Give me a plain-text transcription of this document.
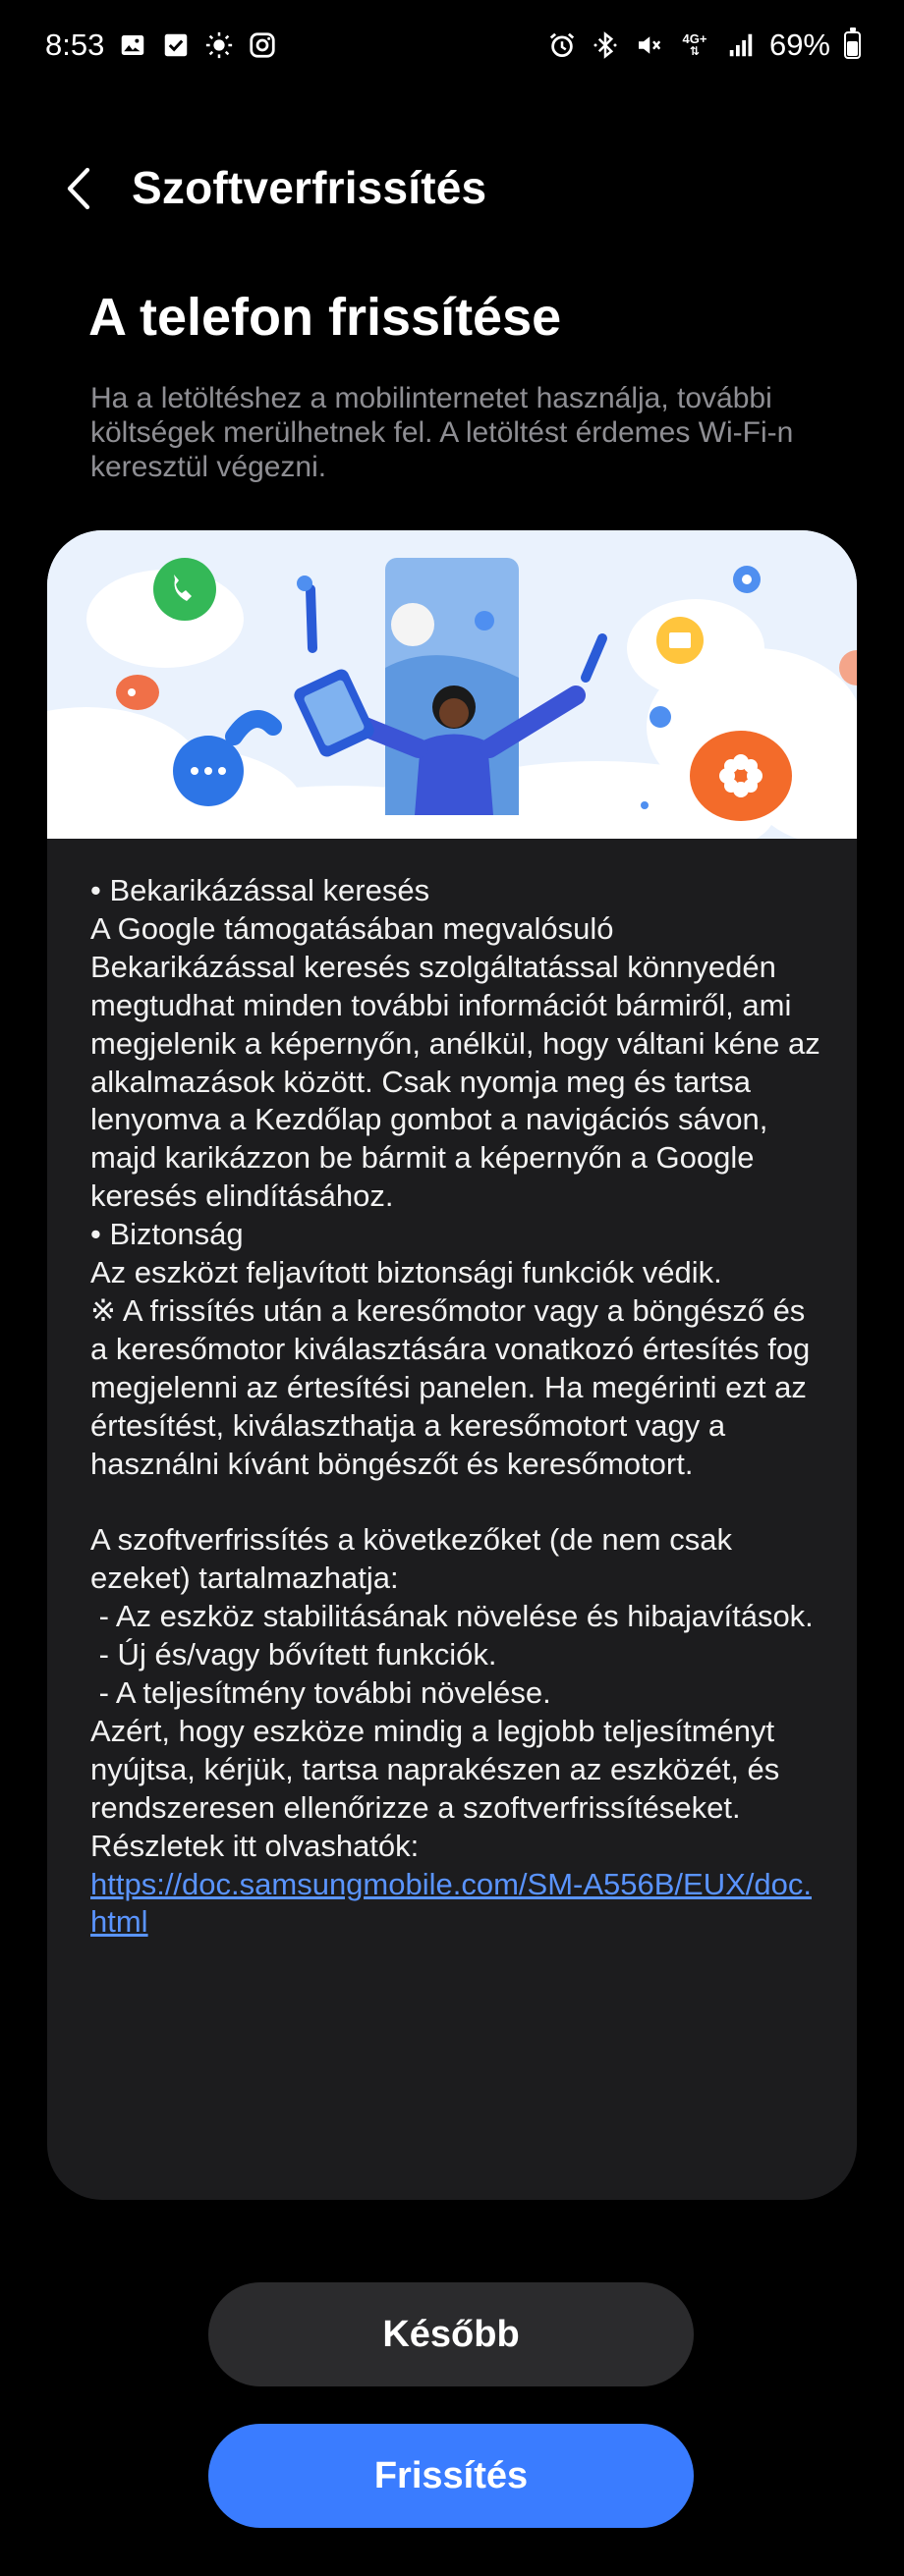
8:53	4G+
⇅ 69%
Szoftverfrissítés
A telefon frissítése
Ha a letöltéshez a mobilinternetet használja, további költségek merülhetnek fel. A letöltést érdemes Wi-Fi-n keresztül végezni.
• Bekarikázással keresés
A Google támogatásában megvalósuló Bekarikázással keresés szolgáltatással könnyedén megtudhat minden további információt bármiről, ami megjelenik a képernyőn, anélkül, hogy váltani kéne az alkalmazások között. Csak nyomja meg és tartsa lenyomva a Kezdőlap gombot a navigációs sávon, majd karikázzon be bármit a képernyőn a Google keresés elindításához.
• Biztonság
Az eszközt feljavított biztonsági funkciók védik.
※ A frissítés után a keresőmotor vagy a böngésző és a keresőmotor kiválasztására vonatkozó értesítés fog megjelenni az értesítési panelen. Ha megérinti ezt az értesítést, kiválaszthatja a keresőmotort vagy a használni kívánt böngészőt és keresőmotort.

A szoftverfrissítés a következőket (de nem csak ezeket) tartalmazhatja:
- Az eszköz stabilitásának növelése és hibajavítások.
- Új és/vagy bővített funkciók.
- A teljesítmény további növelése.
Azért, hogy eszköze mindig a legjobb teljesítményt nyújtsa, kérjük, tartsa naprakészen az eszközét, és rendszeresen ellenőrizze a szoftverfrissítéseket.

Részletek itt olvashatók:
https://doc.samsungmobile.com/SM-A556B/EUX/doc.html
Később
Frissítés
